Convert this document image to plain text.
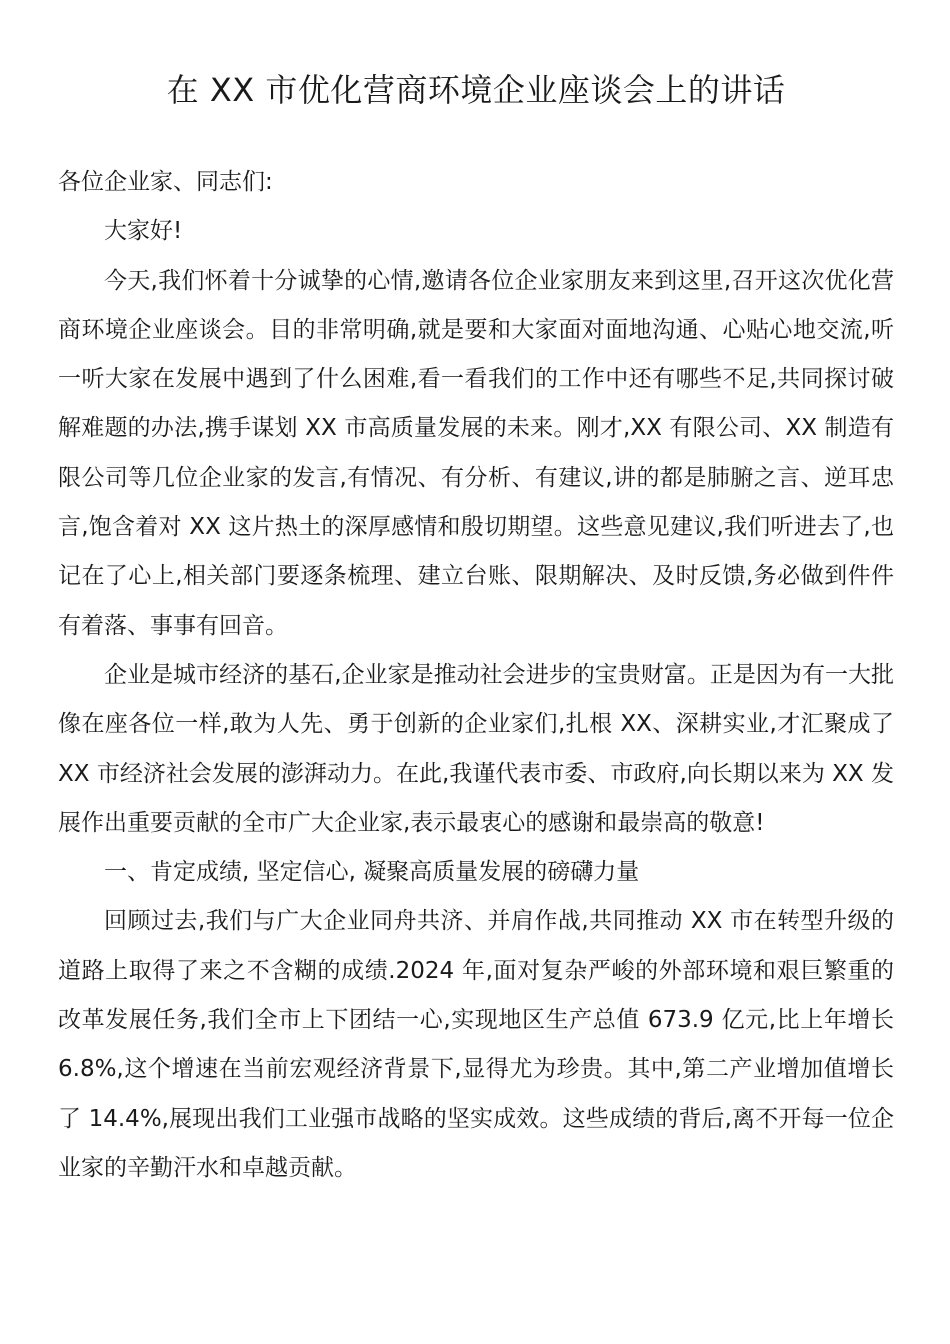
在 XX 市优化营商环境企业座谈会上的讲话

各位企业家、同志们:

大家好!

今天,我们怀着十分诚挚的心情,邀请各位企业家朋友来到这里,召开这次优化营商环境企业座谈会。目的非常明确,就是要和大家面对面地沟通、心贴心地交流,听一听大家在发展中遇到了什么困难,看一看我们的工作中还有哪些不足,共同探讨破解难题的办法,携手谋划 XX 市高质量发展的未来。刚才,XX 有限公司、XX 制造有限公司等几位企业家的发言,有情况、有分析、有建议,讲的都是肺腑之言、逆耳忠言,饱含着对 XX 这片热土的深厚感情和殷切期望。这些意见建议,我们听进去了,也记在了心上,相关部门要逐条梳理、建立台账、限期解决、及时反馈,务必做到件件有着落、事事有回音。

企业是城市经济的基石,企业家是推动社会进步的宝贵财富。正是因为有一大批像在座各位一样,敢为人先、勇于创新的企业家们,扎根 XX、深耕实业,才汇聚成了 XX 市经济社会发展的澎湃动力。在此,我谨代表市委、市政府,向长期以来为 XX 发展作出重要贡献的全市广大企业家,表示最衷心的感谢和最崇高的敬意!

一、肯定成绩, 坚定信心, 凝聚高质量发展的磅礴力量

回顾过去,我们与广大企业同舟共济、并肩作战,共同推动 XX 市在转型升级的道路上取得了来之不含糊的成绩.2024 年,面对复杂严峻的外部环境和艰巨繁重的改革发展任务,我们全市上下团结一心,实现地区生产总值 673.9 亿元,比上年增长 6.8%,这个增速在当前宏观经济背景下,显得尤为珍贵。其中,第二产业增加值增长了 14.4%,展现出我们工业强市战略的坚实成效。这些成绩的背后,离不开每一位企业家的辛勤汗水和卓越贡献。
